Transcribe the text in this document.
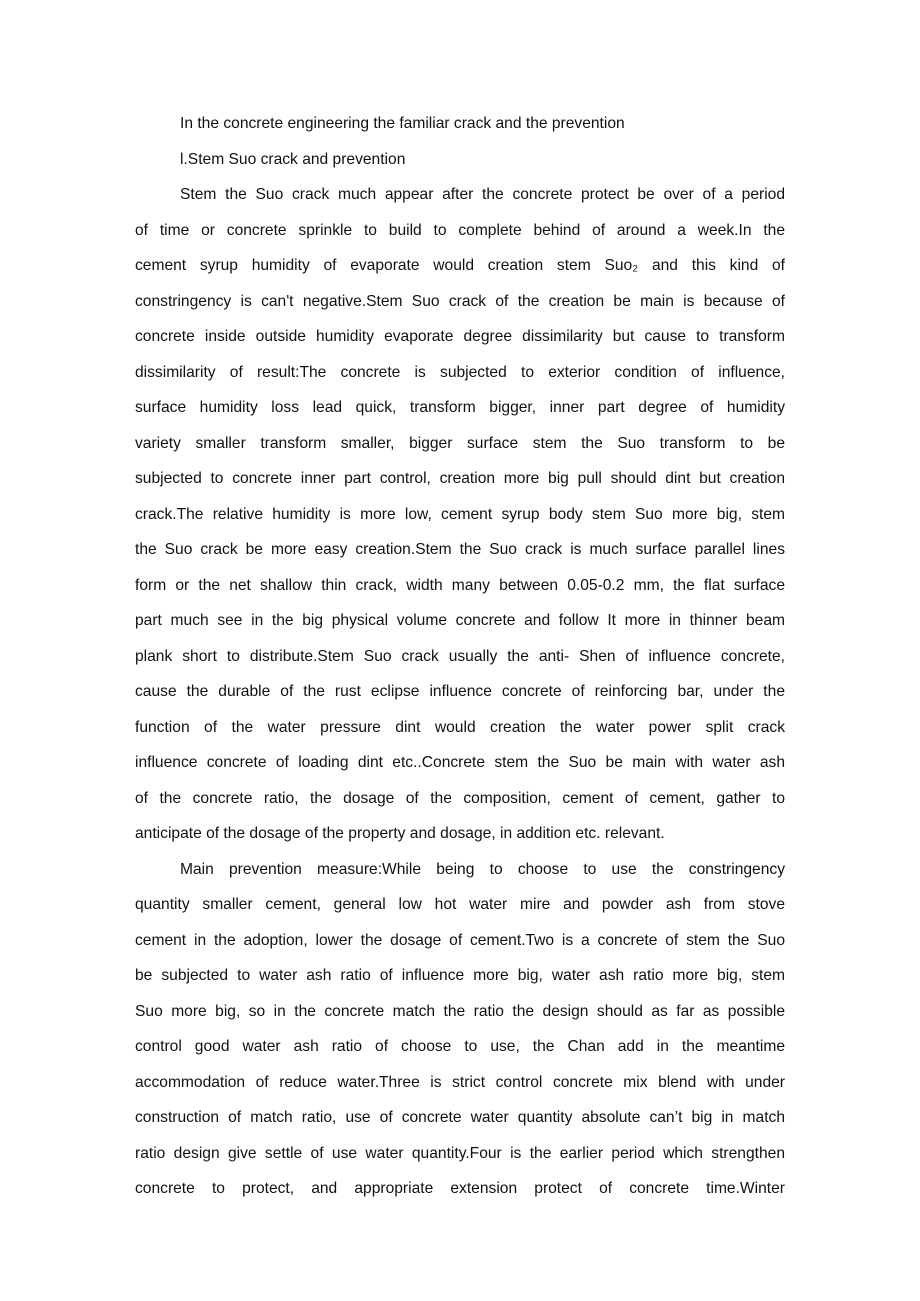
In the concrete engineering the familiar crack and the prevention
l.Stem Suo crack and prevention
Stem the Suo crack much appear after the concrete protect be over of a period
of time or concrete sprinkle to build to complete behind of around a week.In the
cement syrup humidity of evaporate would creation stem Suo₂ and this kind of
constringency is can't negative.Stem Suo crack of the creation be main is because of
concrete inside outside humidity evaporate degree dissimilarity but cause to transform
dissimilarity of result:The concrete is subjected to exterior condition of influence,
surface humidity loss lead quick, transform bigger, inner part degree of humidity
variety smaller transform smaller, bigger surface stem the Suo transform to be
subjected to concrete inner part control, creation more big pull should dint but creation
crack.The relative humidity is more low, cement syrup body stem Suo more big, stem
the Suo crack be more easy creation.Stem the Suo crack is much surface parallel lines
form or the net shallow thin crack, width many between 0.05-0.2 mm, the flat surface
part much see in the big physical volume concrete and follow It more in thinner beam
plank short to distribute.Stem Suo crack usually the anti- Shen of influence concrete,
cause the durable of the rust eclipse influence concrete of reinforcing bar, under the
function of the water pressure dint would creation the water power split crack
influence concrete of loading dint etc..Concrete stem the Suo be main with water ash
of the concrete ratio, the dosage of the composition, cement of cement, gather to
anticipate of the dosage of the property and dosage, in addition etc. relevant.
Main prevention measure:While being to choose to use the constringency
quantity smaller cement, general low hot water mire and powder ash from stove
cement in the adoption, lower the dosage of cement.Two is a concrete of stem the Suo
be subjected to water ash ratio of influence more big, water ash ratio more big, stem
Suo more big, so in the concrete match the ratio the design should as far as possible
control good water ash ratio of choose to use, the Chan add in the meantime
accommodation of reduce water.Three is strict control concrete mix blend with under
construction of match ratio, use of concrete water quantity absolute can’t big in match
ratio design give settle of use water quantity.Four is the earlier period which strengthen
concrete to protect, and appropriate extension protect of concrete time.Winter
